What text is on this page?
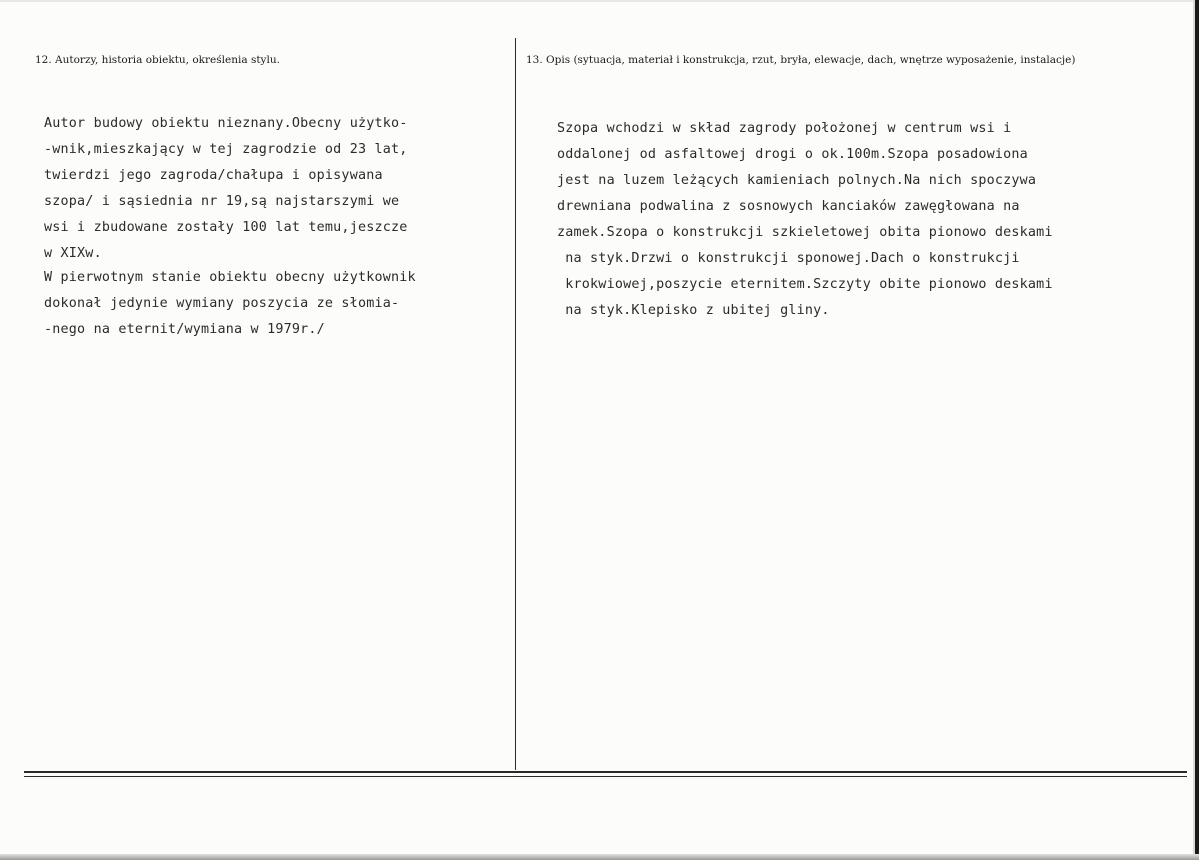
12. Autorzy, historia obiektu, określenia stylu.	13. Opis (sytuacja, materiał i konstrukcja, rzut, bryła, elewacje, dach, wnętrze wyposażenie, instalacje)
Autor budowy obiektu nieznany.Obecny użytko-
-wnik,mieszkający w tej zagrodzie od 23 lat,
twierdzi jego zagroda/chałupa i opisywana
szopa/ i sąsiednia nr 19,są najstarszymi we
wsi i zbudowane zostały 100 lat temu,jeszcze
w XIXw.
W pierwotnym stanie obiektu obecny użytkownik
dokonał jedynie wymiany poszycia ze słomia-
-nego na eternit/wymiana w 1979r./
Szopa wchodzi w skład zagrody położonej w centrum wsi i
oddalonej od asfaltowej drogi o ok.100m.Szopa posadowiona
jest na luzem leżących kamieniach polnych.Na nich spoczywa
drewniana podwalina z sosnowych kanciaków zawęgłowana na
zamek.Szopa o konstrukcji szkieletowej obita pionowo deskami
na styk.Drzwi o konstrukcji sponowej.Dach o konstrukcji
krokwiowej,poszycie eternitem.Szczyty obite pionowo deskami
na styk.Klepisko z ubitej gliny.
